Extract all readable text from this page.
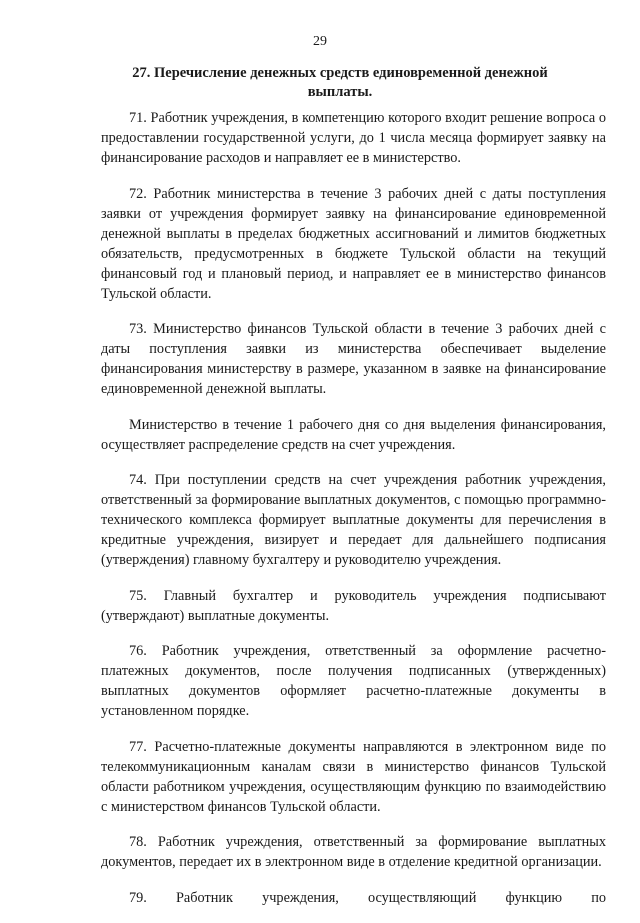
29
27. Перечисление денежных средств единовременной денежной выплаты.

71. Работник учреждения, в компетенцию которого входит решение вопроса о предоставлении государственной услуги, до 1 числа месяца формирует заявку на финансирование расходов и направляет ее в министерство.

72. Работник министерства в течение 3 рабочих дней с даты поступления заявки от учреждения формирует заявку на финансирование единовременной денежной выплаты в пределах бюджетных ассигнований и лимитов бюджетных обязательств, предусмотренных в бюджете Тульской области на текущий финансовый год и плановый период, и направляет ее в министерство финансов Тульской области.

73. Министерство финансов Тульской области в течение 3 рабочих дней с даты поступления заявки из министерства обеспечивает выделение финансирования министерству в размере, указанном в заявке на финансирование единовременной денежной выплаты.

Министерство в течение 1 рабочего дня со дня выделения финансирования, осуществляет распределение средств на счет учреждения.

74. При поступлении средств на счет учреждения работник учреждения, ответственный за формирование выплатных документов, с помощью программно-технического комплекса формирует выплатные документы для перечисления в кредитные учреждения, визирует и передает для дальнейшего подписания (утверждения) главному бухгалтеру и руководителю учреждения.

75. Главный бухгалтер и руководитель учреждения подписывают (утверждают) выплатные документы.

76. Работник учреждения, ответственный за оформление расчетно-платежных документов, после получения подписанных (утвержденных) выплатных документов оформляет расчетно-платежные документы в установленном порядке.

77. Расчетно-платежные документы направляются в электронном виде по телекоммуникационным каналам связи в министерство финансов Тульской области работником учреждения, осуществляющим функцию по взаимодействию с министерством финансов Тульской области.

78. Работник учреждения, ответственный за формирование выплатных документов, передает их в электронном виде в отделение кредитной организации.

79. Работник учреждения, осуществляющий функцию по
